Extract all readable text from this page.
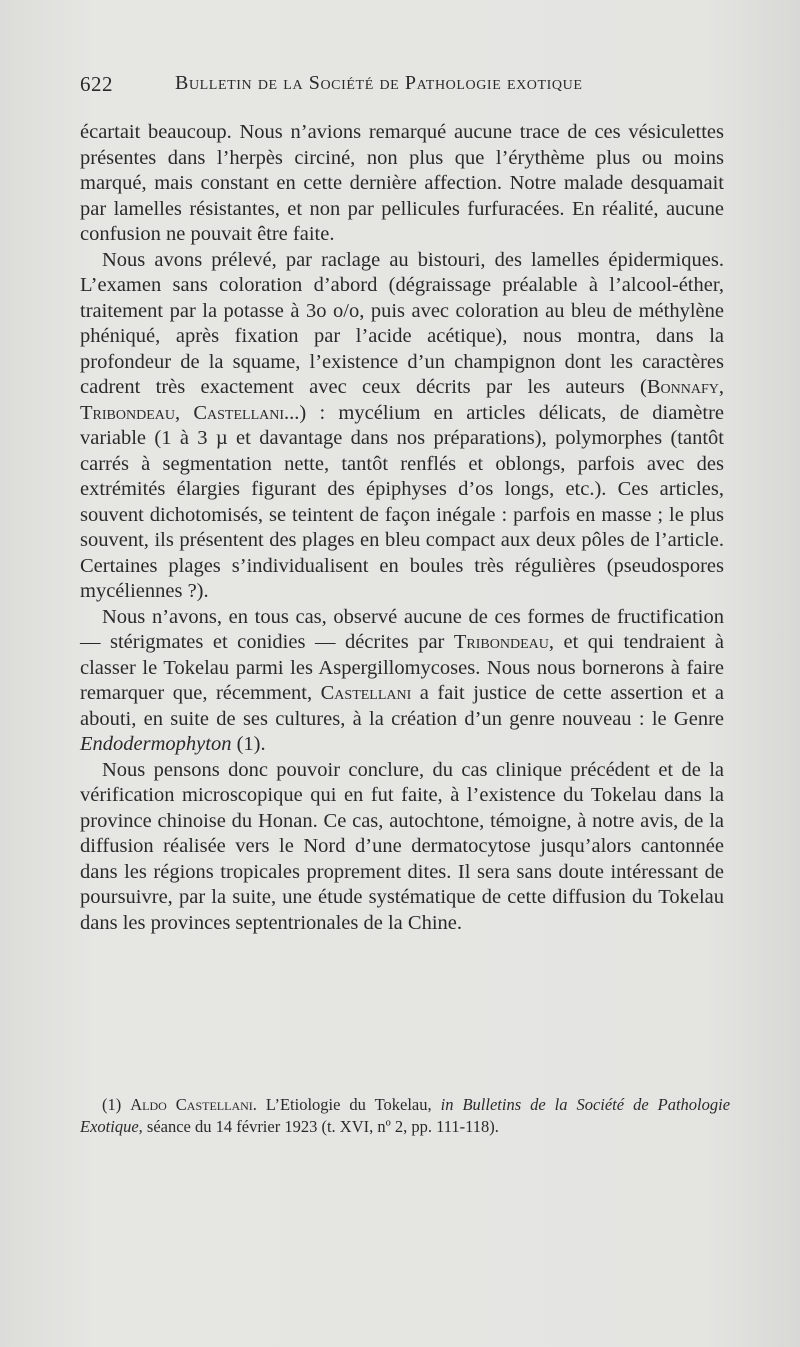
622	Bulletin de la Société de Pathologie exotique

écartait beaucoup. Nous n’avions remarqué aucune trace de ces vésiculettes présentes dans l’herpès circiné, non plus que l’érythème plus ou moins marqué, mais constant en cette dernière affection. Notre malade desquamait par lamelles résistantes, et non par pellicules furfuracées. En réalité, aucune confusion ne pouvait être faite.

Nous avons prélevé, par raclage au bistouri, des lamelles épidermiques. L’examen sans coloration d’abord (dégraissage préalable à l’alcool-éther, traitement par la potasse à 3o o/o, puis avec coloration au bleu de méthylène phéniqué, après fixation par l’acide acétique), nous montra, dans la profondeur de la squame, l’existence d’un champignon dont les caractères cadrent très exactement avec ceux décrits par les auteurs (Bonnafy, Tribondeau, Castellani...) : mycélium en articles délicats, de diamètre variable (1 à 3 µ et davantage dans nos préparations), polymorphes (tantôt carrés à segmentation nette, tantôt renflés et oblongs, parfois avec des extrémités élargies figurant des épiphyses d’os longs, etc.). Ces articles, souvent dichotomisés, se teintent de façon inégale : parfois en masse ; le plus souvent, ils présentent des plages en bleu compact aux deux pôles de l’article. Certaines plages s’individualisent en boules très régulières (pseudospores mycéliennes ?).

Nous n’avons, en tous cas, observé aucune de ces formes de fructification — stérigmates et conidies — décrites par Tribondeau, et qui tendraient à classer le Tokelau parmi les Aspergillomycoses. Nous nous bornerons à faire remarquer que, récemment, Castellani a fait justice de cette assertion et a abouti, en suite de ses cultures, à la création d’un genre nouveau : le Genre Endodermophyton (1).

Nous pensons donc pouvoir conclure, du cas clinique précédent et de la vérification microscopique qui en fut faite, à l’existence du Tokelau dans la province chinoise du Honan. Ce cas, autochtone, témoigne, à notre avis, de la diffusion réalisée vers le Nord d’une dermatocytose jusqu’alors cantonnée dans les régions tropicales proprement dites. Il sera sans doute intéressant de poursuivre, par la suite, une étude systématique de cette diffusion du Tokelau dans les provinces septentrionales de la Chine.

(1) Aldo Castellani. L’Etiologie du Tokelau, in Bulletins de la Société de Pathologie Exotique, séance du 14 février 1923 (t. XVI, nº 2, pp. 111-118).
